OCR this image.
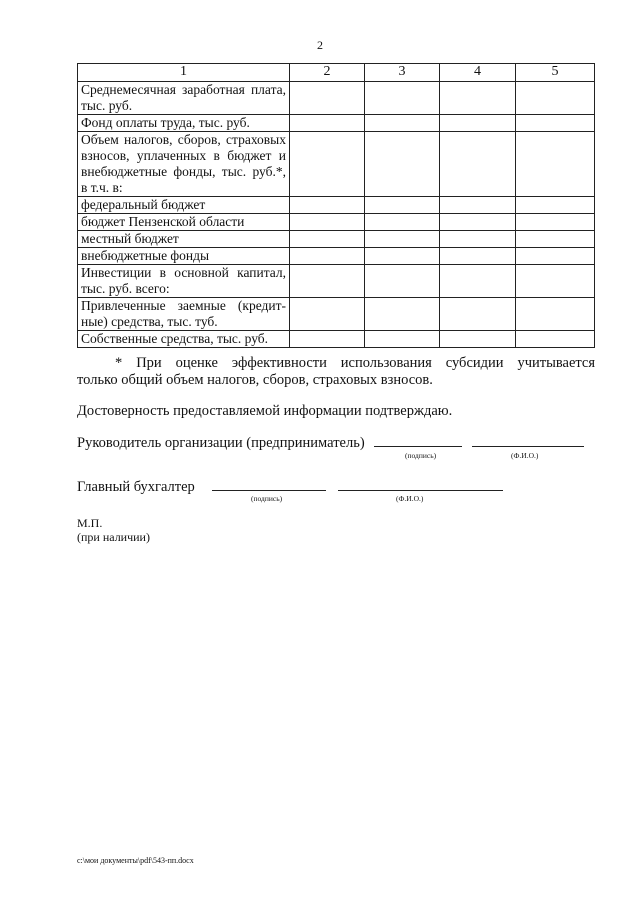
2
1	2	3	4	5
Среднемесячная заработная плата, тыс. руб.				
Фонд оплаты труда, тыс. руб.				
Объем налогов, сборов, страховых взносов, уплаченных в бюджет и внебюджетные фонды, тыс. руб.*, в т.ч. в:				
федеральный бюджет				
бюджет Пензенской области				
местный бюджет				
внебюджетные фонды				
Инвестиции в основной капитал, тыс. руб. всего:				
Привлеченные заемные (кредит-ные) средства, тыс. туб.				
Собственные средства, тыс. руб.				
* При оценке эффективности использования субсидии учитывается
только общий объем налогов, сборов, страховых взносов.
Достоверность предоставляемой информации подтверждаю.
Руководитель организации (предприниматель)
(подпись)	(Ф.И.О.)
Главный бухгалтер
(подпись)	(Ф.И.О.)
М.П.
(при наличии)
c:\мои документы\pdf\543-пп.docx
